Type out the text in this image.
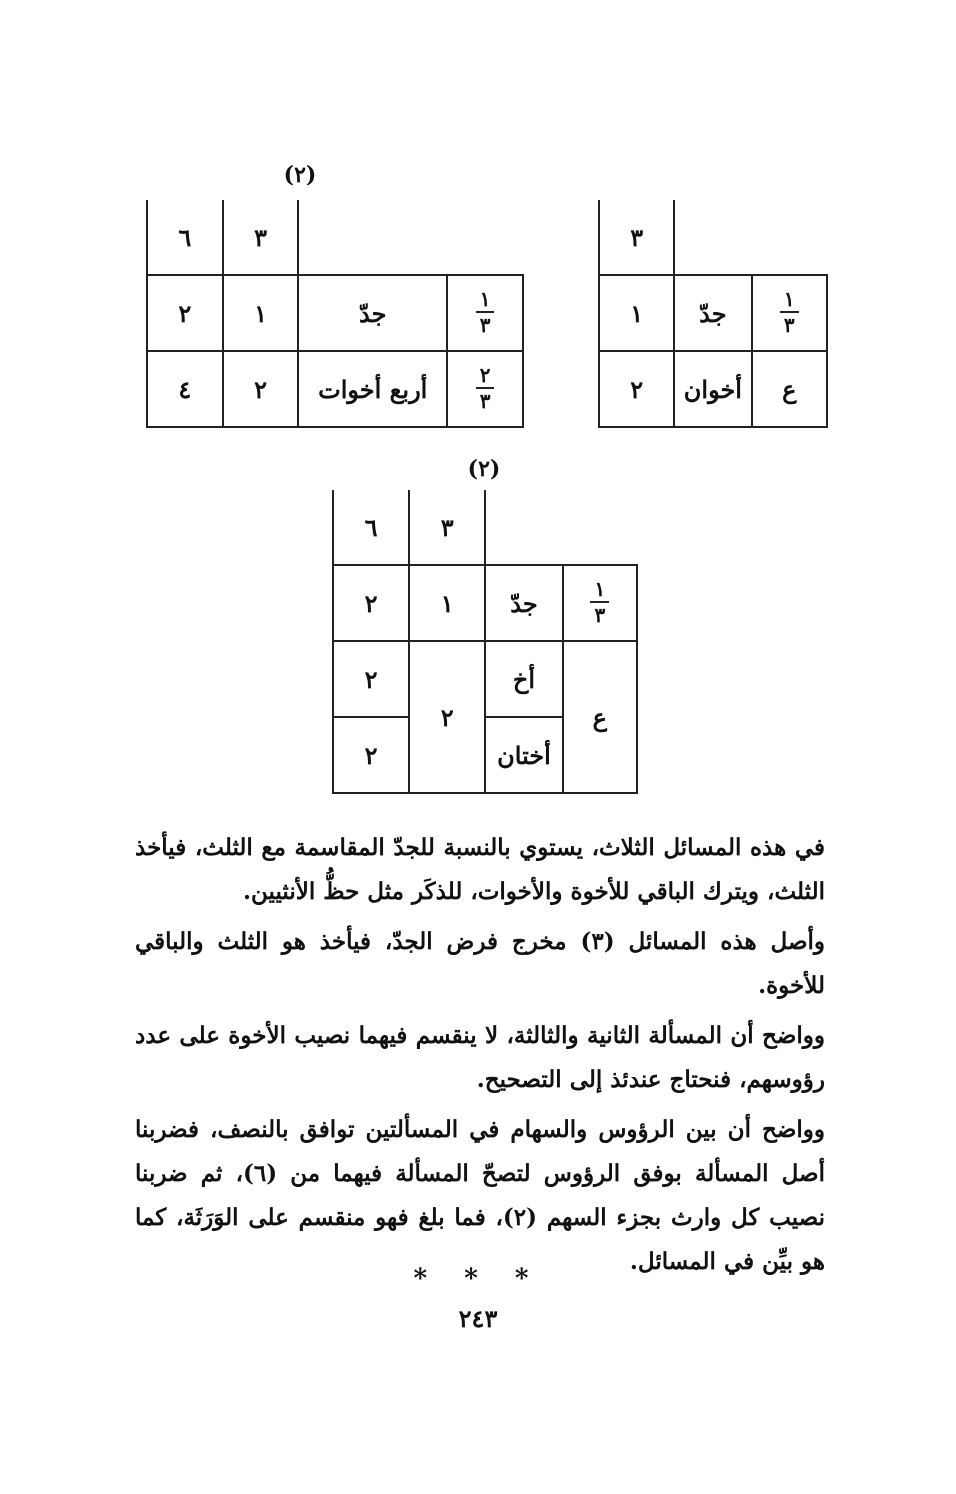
(٢)
		٣

$\frac{١}{٣}$	جدّ	١
ع	أخوان	٢
		٣	٦

$\frac{١}{٣}$	جدّ	١	٢

$\frac{٢}{٣}$	أربع أخوات	٢	٤
(٢)
		٣	٦

$\frac{١}{٣}$	جدّ	١	٢
ع	أخ	٢	٢
	أختان		٢

في هذه المسائل الثلاث، يستوي بالنسبة للجدّ المقاسمة مع الثلث، فيأخذ الثلث، ويترك الباقي للأخوة والأخوات، للذكَر مثل حظُّ الأنثيين.

وأصل هذه المسائل (٣) مخرج فرض الجدّ، فيأخذ هو الثلث والباقي للأخوة.

وواضح أن المسألة الثانية والثالثة، لا ينقسم فيهما نصيب الأخوة على عدد رؤوسهم، فنحتاج عندئذ إلى التصحيح.

وواضح أن بين الرؤوس والسهام في المسألتين توافق بالنصف، فضربنا أصل المسألة بوفق الرؤوس لتصحّ المسألة فيهما من (٦)، ثم ضربنا نصيب كل وارث بجزء السهم (٢)، فما بلغ فهو منقسم على الوَرَثَة، كما هو بيِّن في المسائل.

* * *
٢٤٣
